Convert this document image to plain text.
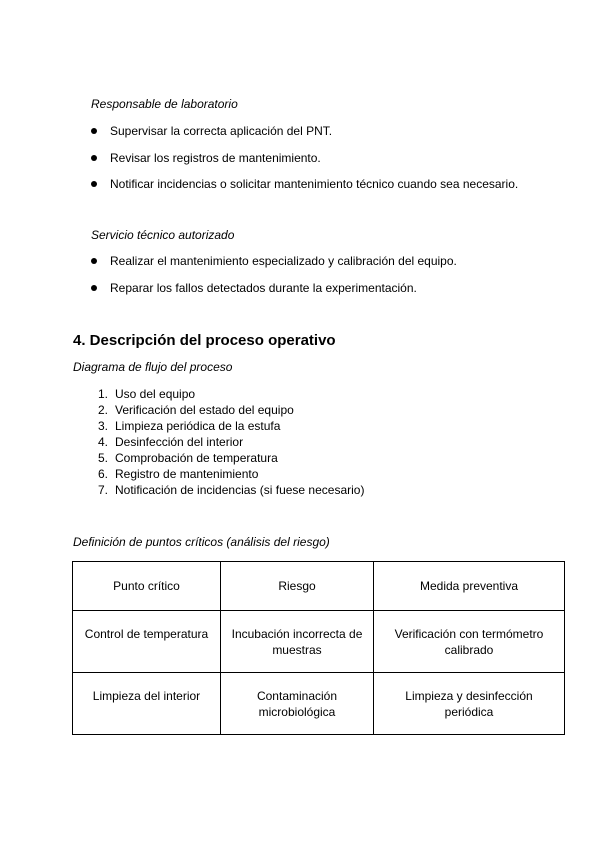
Responsable de laboratorio
Supervisar la correcta aplicación del PNT.
Revisar los registros de mantenimiento.
Notificar incidencias o solicitar mantenimiento técnico cuando sea necesario.
Servicio técnico autorizado
Realizar el mantenimiento especializado y calibración del equipo.
Reparar los fallos detectados durante la experimentación.
4. Descripción del proceso operativo
Diagrama de flujo del proceso
1. Uso del equipo
2. Verificación del estado del equipo
3. Limpieza periódica de la estufa
4. Desinfección del interior
5. Comprobación de temperatura
6. Registro de mantenimiento
7. Notificación de incidencias (si fuese necesario)
Definición de puntos críticos (análisis del riesgo)
Punto crítico	Riesgo	Medida preventiva
Control de temperatura	Incubación incorrecta de muestras	Verificación con termómetro calibrado
Limpieza del interior	Contaminación microbiológica	Limpieza y desinfección periódica
